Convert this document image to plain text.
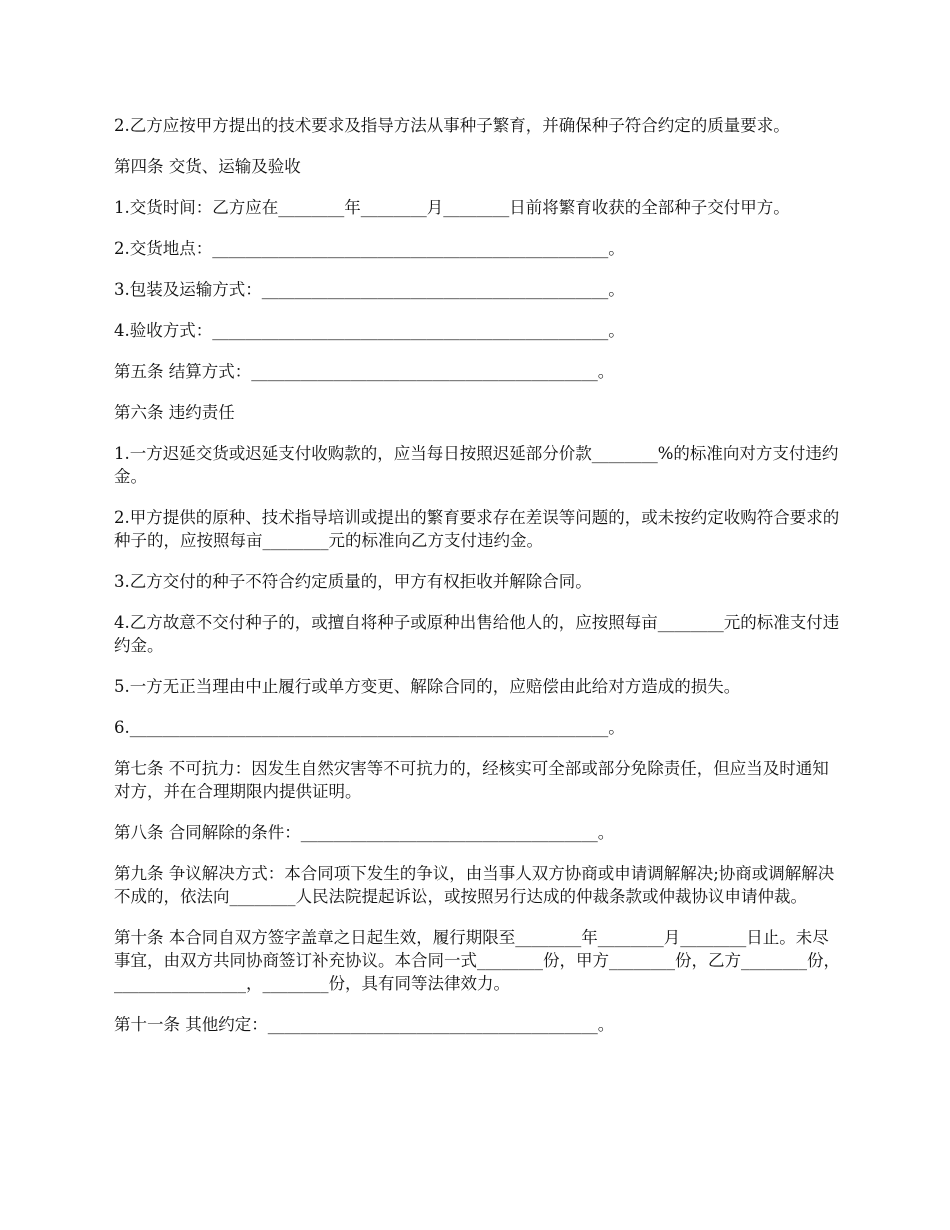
2.乙方应按甲方提出的技术要求及指导方法从事种子繁育，并确保种子符合约定的质量要求。

第四条 交货、运输及验收

1.交货时间：乙方应在________年________月________日前将繁育收获的全部种子交付甲方。

2.交货地点：________________________________________________。

3.包装及运输方式：__________________________________________。

4.验收方式：________________________________________________。

第五条 结算方式：__________________________________________。

第六条 违约责任

1.一方迟延交货或迟延支付收购款的，应当每日按照迟延部分价款________%的标准向对方支付违约金。

2.甲方提供的原种、技术指导培训或提出的繁育要求存在差误等问题的，或未按约定收购符合要求的种子的，应按照每亩________元的标准向乙方支付违约金。

3.乙方交付的种子不符合约定质量的，甲方有权拒收并解除合同。

4.乙方故意不交付种子的，或擅自将种子或原种出售给他人的，应按照每亩________元的标准支付违约金。

5.一方无正当理由中止履行或单方变更、解除合同的，应赔偿由此给对方造成的损失。

6.__________________________________________________________。

第七条 不可抗力：因发生自然灾害等不可抗力的，经核实可全部或部分免除责任，但应当及时通知对方，并在合理期限内提供证明。

第八条 合同解除的条件：____________________________________。

第九条 争议解决方式：本合同项下发生的争议，由当事人双方协商或申请调解解决;协商或调解解决不成的，依法向________人民法院提起诉讼，或按照另行达成的仲裁条款或仲裁协议申请仲裁。

第十条 本合同自双方签字盖章之日起生效，履行期限至________年________月________日止。未尽事宜，由双方共同协商签订补充协议。本合同一式________份，甲方________份，乙方________份，________________，________份，具有同等法律效力。

第十一条 其他约定：________________________________________。
